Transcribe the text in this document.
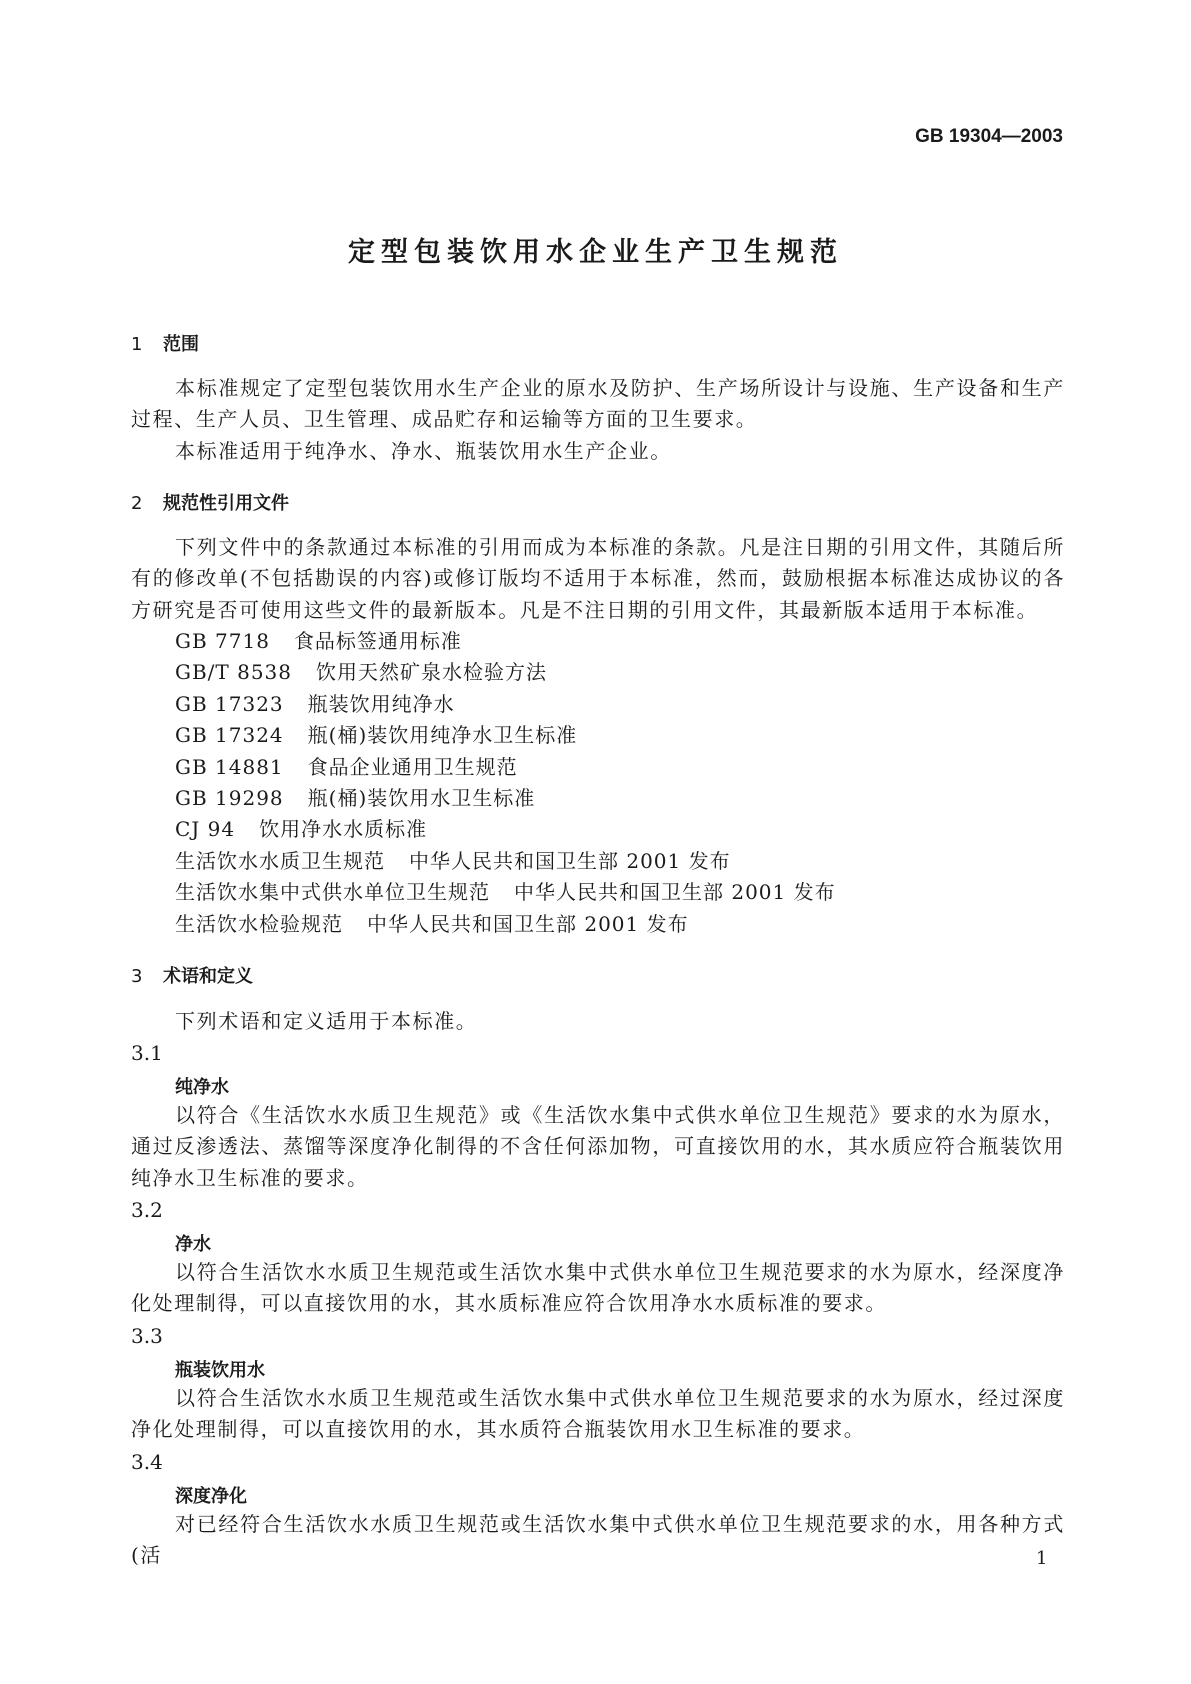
GB 19304—2003
定型包装饮用水企业生产卫生规范
1 范围
本标准规定了定型包装饮用水生产企业的原水及防护、生产场所设计与设施、生产设备和生产过程、生产人员、卫生管理、成品贮存和运输等方面的卫生要求。
本标准适用于纯净水、净水、瓶装饮用水生产企业。
2 规范性引用文件
下列文件中的条款通过本标准的引用而成为本标准的条款。凡是注日期的引用文件，其随后所有的修改单(不包括勘误的内容)或修订版均不适用于本标准，然而，鼓励根据本标准达成协议的各方研究是否可使用这些文件的最新版本。凡是不注日期的引用文件，其最新版本适用于本标准。
GB 7718 食品标签通用标准
GB/T 8538 饮用天然矿泉水检验方法
GB 17323 瓶装饮用纯净水
GB 17324 瓶(桶)装饮用纯净水卫生标准
GB 14881 食品企业通用卫生规范
GB 19298 瓶(桶)装饮用水卫生标准
CJ 94 饮用净水水质标准
生活饮水水质卫生规范 中华人民共和国卫生部 2001 发布
生活饮水集中式供水单位卫生规范 中华人民共和国卫生部 2001 发布
生活饮水检验规范 中华人民共和国卫生部 2001 发布
3 术语和定义
下列术语和定义适用于本标准。
3.1
纯净水
以符合《生活饮水水质卫生规范》或《生活饮水集中式供水单位卫生规范》要求的水为原水，通过反渗透法、蒸馏等深度净化制得的不含任何添加物，可直接饮用的水，其水质应符合瓶装饮用纯净水卫生标准的要求。
3.2
净水
以符合生活饮水水质卫生规范或生活饮水集中式供水单位卫生规范要求的水为原水，经深度净化处理制得，可以直接饮用的水，其水质标准应符合饮用净水水质标准的要求。
3.3
瓶装饮用水
以符合生活饮水水质卫生规范或生活饮水集中式供水单位卫生规范要求的水为原水，经过深度净化处理制得，可以直接饮用的水，其水质符合瓶装饮用水卫生标准的要求。
3.4
深度净化
对已经符合生活饮水水质卫生规范或生活饮水集中式供水单位卫生规范要求的水，用各种方式(活	1
